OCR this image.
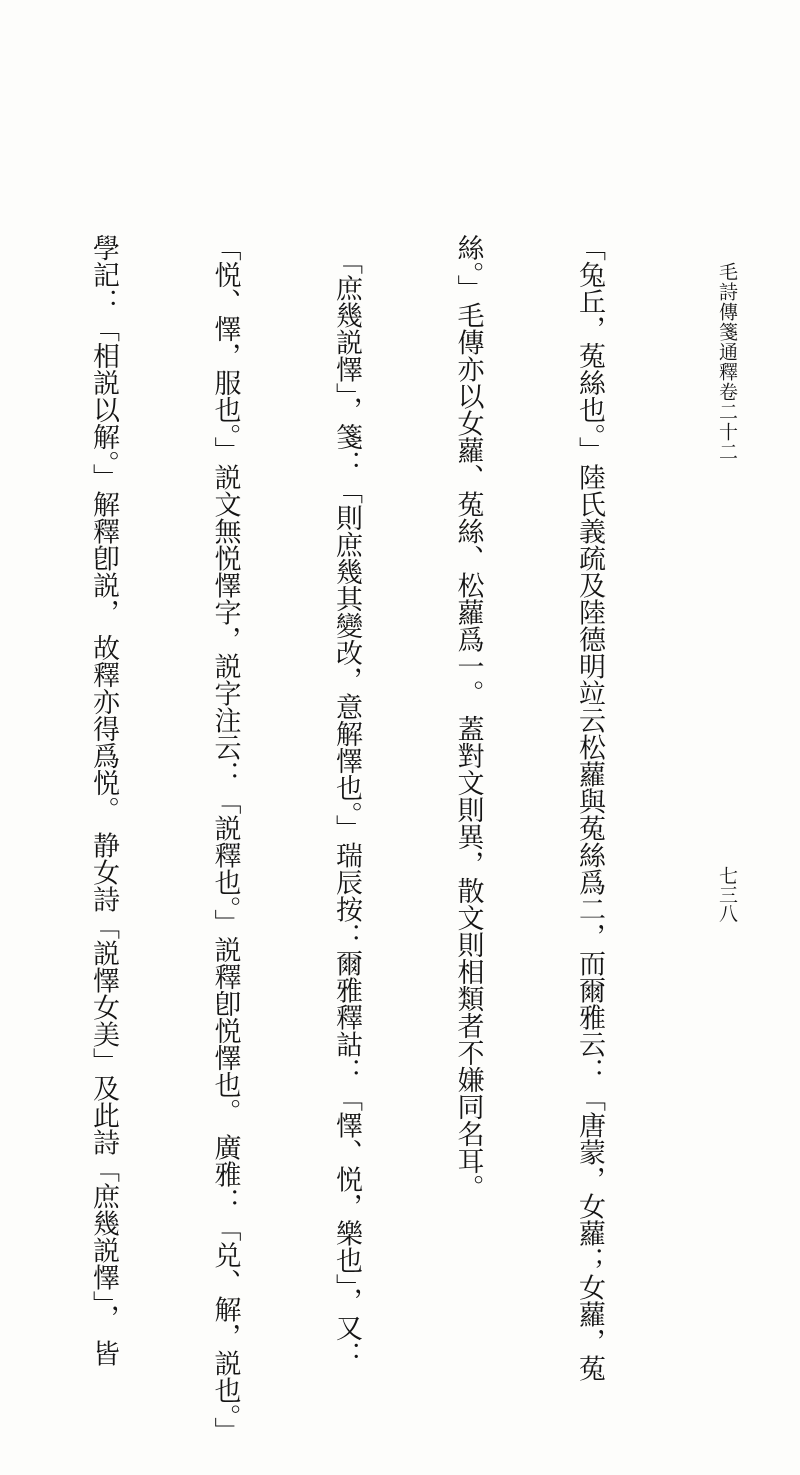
毛詩傳箋通釋卷二十二
七三八

「兔丘，菟絲也。」陸氏義疏及陸德明竝云松蘿與菟絲爲二，而爾雅云：「唐蒙，女蘿；女蘿，菟

絲。」毛傳亦以女蘿、菟絲、松蘿爲一。 蓋對文則異，散文則相類者不嫌同名耳。

　「庶幾説懌」，箋：「則庶幾其變改，意解懌也。」瑞辰按：爾雅釋詁：「懌、悦，樂也」，又：

「悦、懌，服也。」説文無悦懌字，説字注云：「説釋也。」説釋卽悦懌也。 廣雅：「兑、解，説也。」

學記：「相説以解。」解釋卽説， 故釋亦得爲悦。 静女詩「説懌女美」及此詩「庶幾説懌」， 皆
